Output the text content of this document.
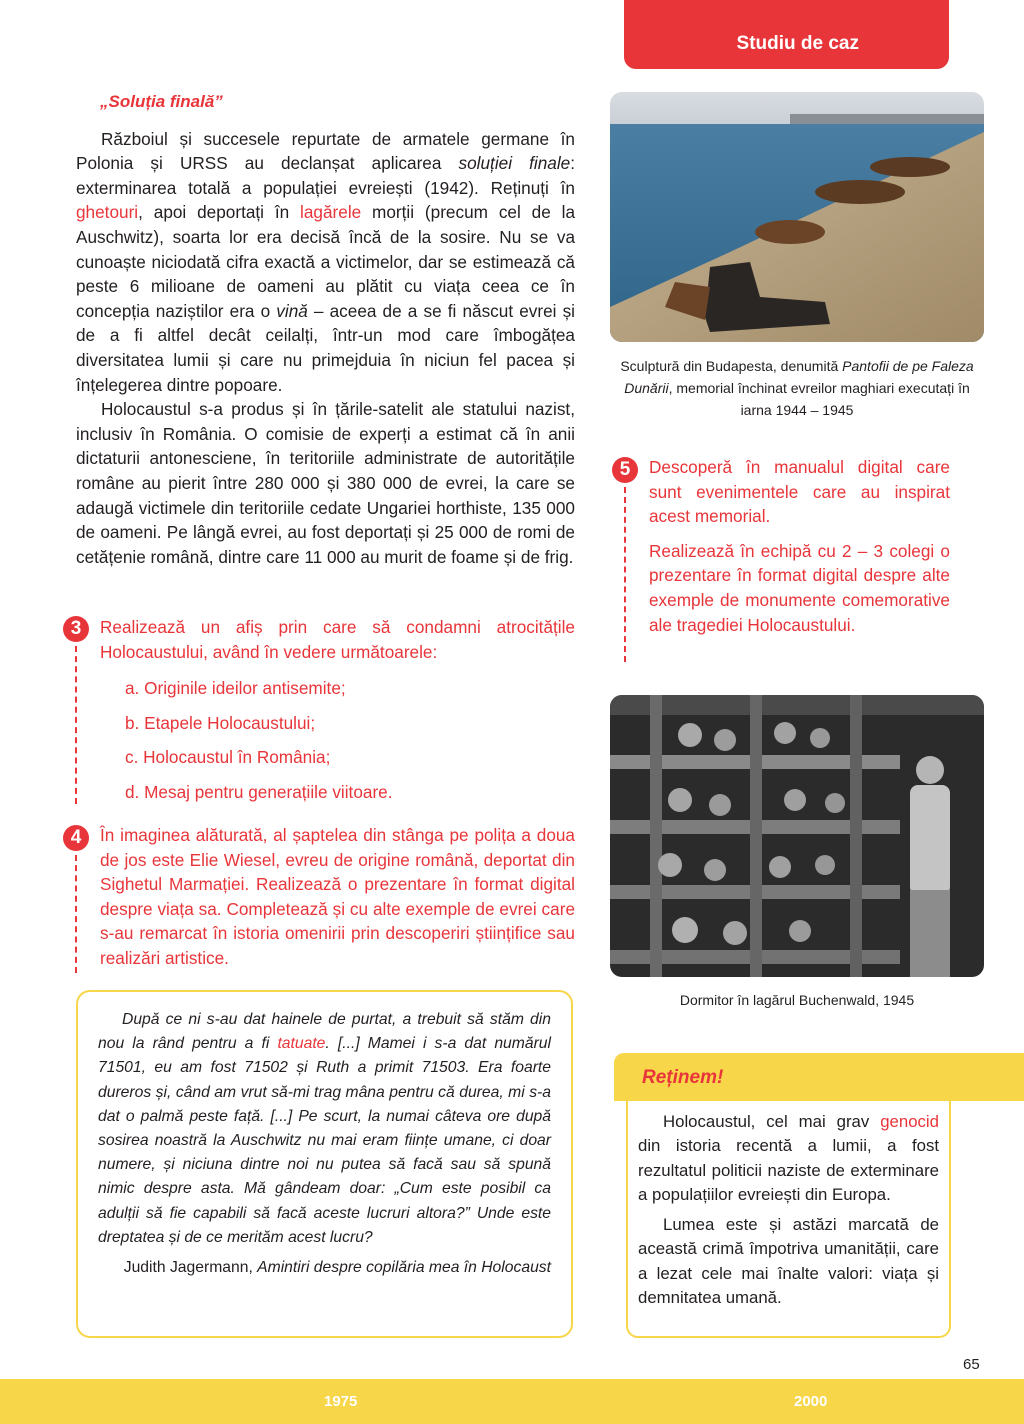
Studiu de caz
„Soluția finală”

Războiul și succesele repurtate de armatele germane în Polonia și URSS au declanșat aplicarea soluției finale: exterminarea totală a populației evreiești (1942). Reținuți în ghetouri, apoi deportați în lagărele morții (precum cel de la Auschwitz), soarta lor era decisă încă de la sosire. Nu se va cunoaște niciodată cifra exactă a victimelor, dar se estimează că peste 6 milioane de oameni au plătit cu viața ceea ce în concepția naziștilor era o vină – aceea de a se fi născut evrei și de a fi altfel decât ceilalți, într-un mod care îmbogățea diversitatea lumii și care nu primejduia în niciun fel pacea și înțelegerea dintre popoare.

Holocaustul s-a produs și în țările-satelit ale statului nazist, inclusiv în România. O comisie de experți a estimat că în anii dictaturii antonesciene, în teritoriile administrate de autoritățile române au pierit între 280 000 și 380 000 de evrei, la care se adaugă victimele din teritoriile cedate Ungariei horthiste, 135 000 de oameni. Pe lângă evrei, au fost deportați și 25 000 de romi de cetățenie română, dintre care 11 000 au murit de foame și de frig.

3	Realizează un afiș prin care să condamni atrocitățile Holocaustului, având în vedere următoarele:

a. Originile ideilor antisemite;
b. Etapele Holocaustului;
c. Holocaustul în România;
d. Mesaj pentru generațiile viitoare.
4	În imaginea alăturată, al șaptelea din stânga pe polița a doua de jos este Elie Wiesel, evreu de origine română, deportat din Sighetul Marmației. Realizează o prezentare în format digital despre viața sa. Completează și cu alte exemple de evrei care s-au remarcat în istoria omenirii prin descoperiri științifice sau realizări artistice.

După ce ni s-au dat hainele de purtat, a trebuit să stăm din nou la rând pentru a fi tatuate. [...] Mamei i s-a dat numărul 71501, eu am fost 71502 și Ruth a primit 71503. Era foarte dureros și, când am vrut să-mi trag mâna pentru că durea, mi s-a dat o palmă peste față. [...] Pe scurt, la numai câteva ore după sosirea noastră la Auschwitz nu mai eram ființe umane, ci doar numere, și niciuna dintre noi nu putea să facă sau să spună nimic despre asta. Mă gândeam doar: „Cum este posibil ca adulții să fie capabili să facă aceste lucruri altora?” Unde este dreptatea și de ce merităm acest lucru?

Judith Jagermann, Amintiri despre copilăria mea în Holocaust
Sculptură din Budapesta, denumită Pantofii de pe Faleza Dunării, memorial închinat evreilor maghiari executați în iarna 1944 – 1945
5	Descoperă în manualul digital care sunt evenimentele care au inspirat acest memorial.

Realizează în echipă cu 2 – 3 colegi o prezentare în format digital despre alte exemple de monumente comemorative ale tragediei Holocaustului.

Dormitor în lagărul Buchenwald, 1945
Reținem!

Holocaustul, cel mai grav genocid din istoria recentă a lumii, a fost rezultatul politicii naziste de exterminare a populațiilor evreiești din Europa.

Lumea este și astăzi marcată de această crimă împotriva umanității, care a lezat cele mai înalte valori: viața și demnitatea umană.

65
1975	2000
